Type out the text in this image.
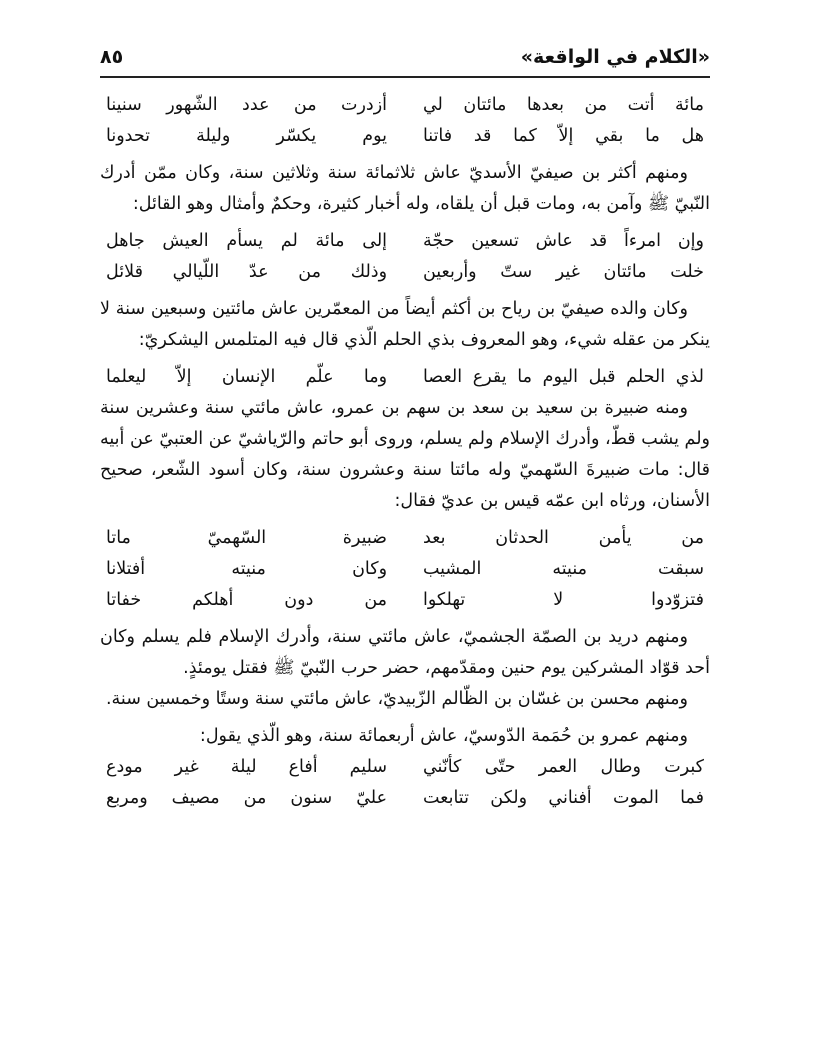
«الكلام في الواقعة»
٨٥
مائة أتت من بعدها مائتان لي
أزدرت من عدد الشّهور سنينا
هل ما بقي إلاّ كما قد فاتنا
يوم يكسّر وليلة تحدونا

ومنهم أكثر بن صيفيّ الأسديّ عاش ثلاثمائة سنة وثلاثين سنة، وكان ممّن أدرك النّبيّ ﷺ وآمن به، ومات قبل أن يلقاه، وله أخبار كثيرة، وحكمٌ وأمثال وهو القائل:

وإن امرءاً قد عاش تسعين حجّة
إلى مائة لم يسأم العيش جاهل
خلت مائتان غير ستّ وأربعين
وذلك من عدّ اللّيالي قلائل

وكان والده صيفيّ بن رياح بن أكثم أيضاً من المعمّرين عاش مائتين وسبعين سنة لا ينكر من عقله شيء، وهو المعروف بذي الحلم الّذي قال فيه المتلمس اليشكريّ:

لذي الحلم قبل اليوم ما يقرع العصا
وما علّم الإنسان إلاّ ليعلما

ومنه ضبيرة بن سعيد بن سعد بن سهم بن عمرو، عاش مائتي سنة وعشرين سنة ولم يشب قطّ، وأدرك الإسلام ولم يسلم، وروى أبو حاتم والرّياشيّ عن العتبيّ عن أبيه قال: مات ضبيرةَ السّهميّ وله مائتا سنة وعشرون سنة، وكان أسود الشّعر، صحيح الأسنان، ورثاه ابن عمّه قيس بن عديّ فقال:

من يأمن الحدثان بعد
ضبيرة السّهميّ ماتا
سبقت منيته المشيب
وكان منيته أفتلانا
فتزوّدوا لا تهلكوا
من دون أهلكم خفاتا

ومنهم دريد بن الصمّة الجشميّ، عاش مائتي سنة، وأدرك الإسلام فلم يسلم وكان أحد قوّاد المشركين يوم حنين ومقدّمهم، حضر حرب النّبيّ ﷺ فقتل يومئذٍ.

ومنهم محسن بن غسّان بن الظّالم الزّبيديّ، عاش مائتي سنة وستًا وخمسين سنة.

ومنهم عمرو بن حُمَمة الدّوسيّ، عاش أربعمائة سنة، وهو الّذي يقول:

كبرت وطال العمر حتّى كأنّني
سليم أفاع ليلة غير مودع
فما الموت أفناني ولكن تتابعت
عليّ سنون من مصيف ومربع
